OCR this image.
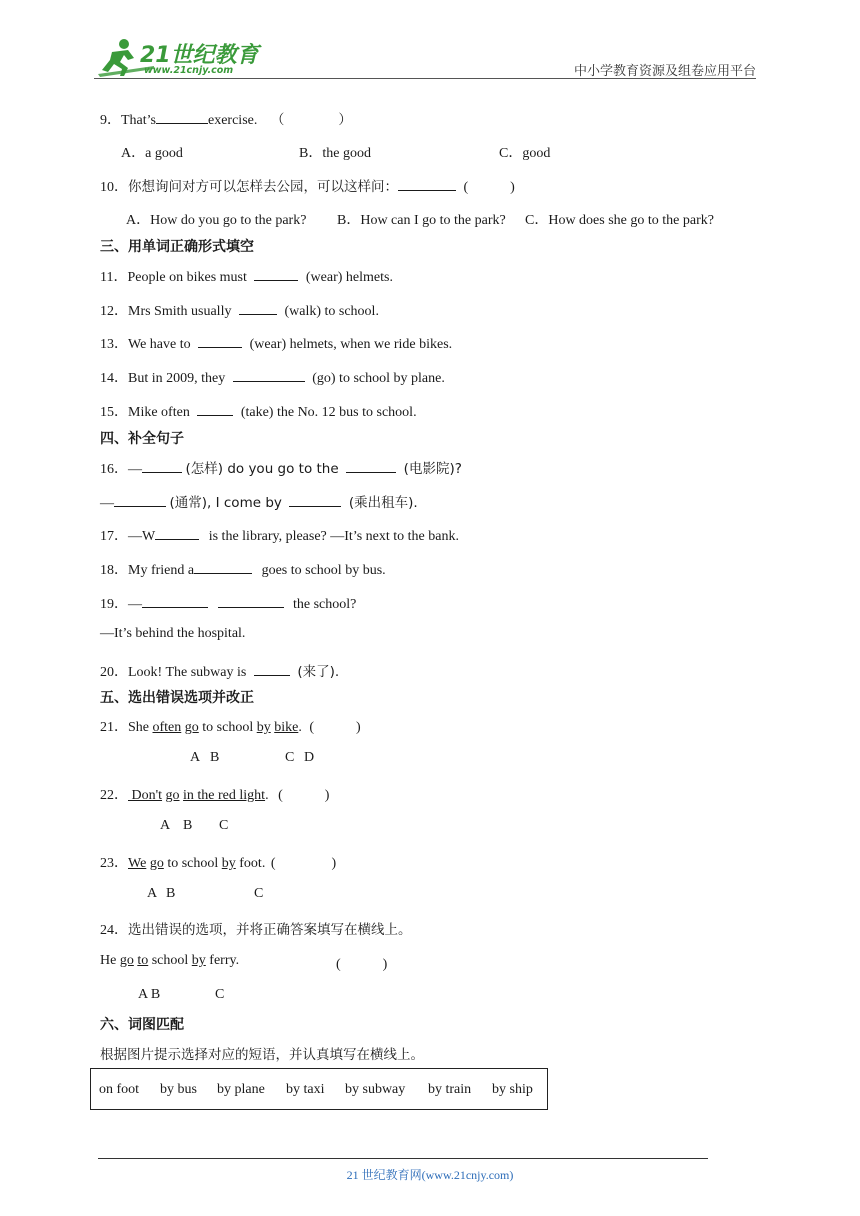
21世纪教育
www.21cnjy.com	中小学教育资源及组卷应用平台
9．That’s	exercise. （　　　　）
A．a good	B．the good	C．good
10．你想询问对方可以怎样去公园，可以这样问：	(　　　)
A．How do you go to the park? B．How can I go to the park? C．How does she go to the park?
三、用单词正确形式填空
11．People on bikes must	(wear) helmets.
12．Mrs Smith usually	(walk) to school.
13．We have to	(wear) helmets, when we ride bikes.
14．But in 2009, they	(go) to school by plane.
15．Mike often	(take) the No. 12 bus to school.
四、补全句子
16．—	(怎样) do you go to the	(电影院)?
—	(通常), I come by	(乘出租车).
17．—W	is the library, please? —It’s next to the bank.
18．My friend a	goes to school by bus.
19．—	the school?
—It’s behind the hospital.
20．Look! The subway is	(来了).
五、选出错误选项并改正
21．She often go to school by bike. (　　　)
A B	C D
22． Don't go in the red light. (　　　)
A B C
23．We go to school by foot. (　　　　)
A B	C
24．选出错误的选项，并将正确答案填写在横线上。
He go to school by ferry.	(　　　)
A B	C
六、词图匹配
根据图片提示选择对应的短语，并认真填写在横线上。
on foot by bus by plane by taxi by subway by train by ship
21 世纪教育网(www.21cnjy.com)
